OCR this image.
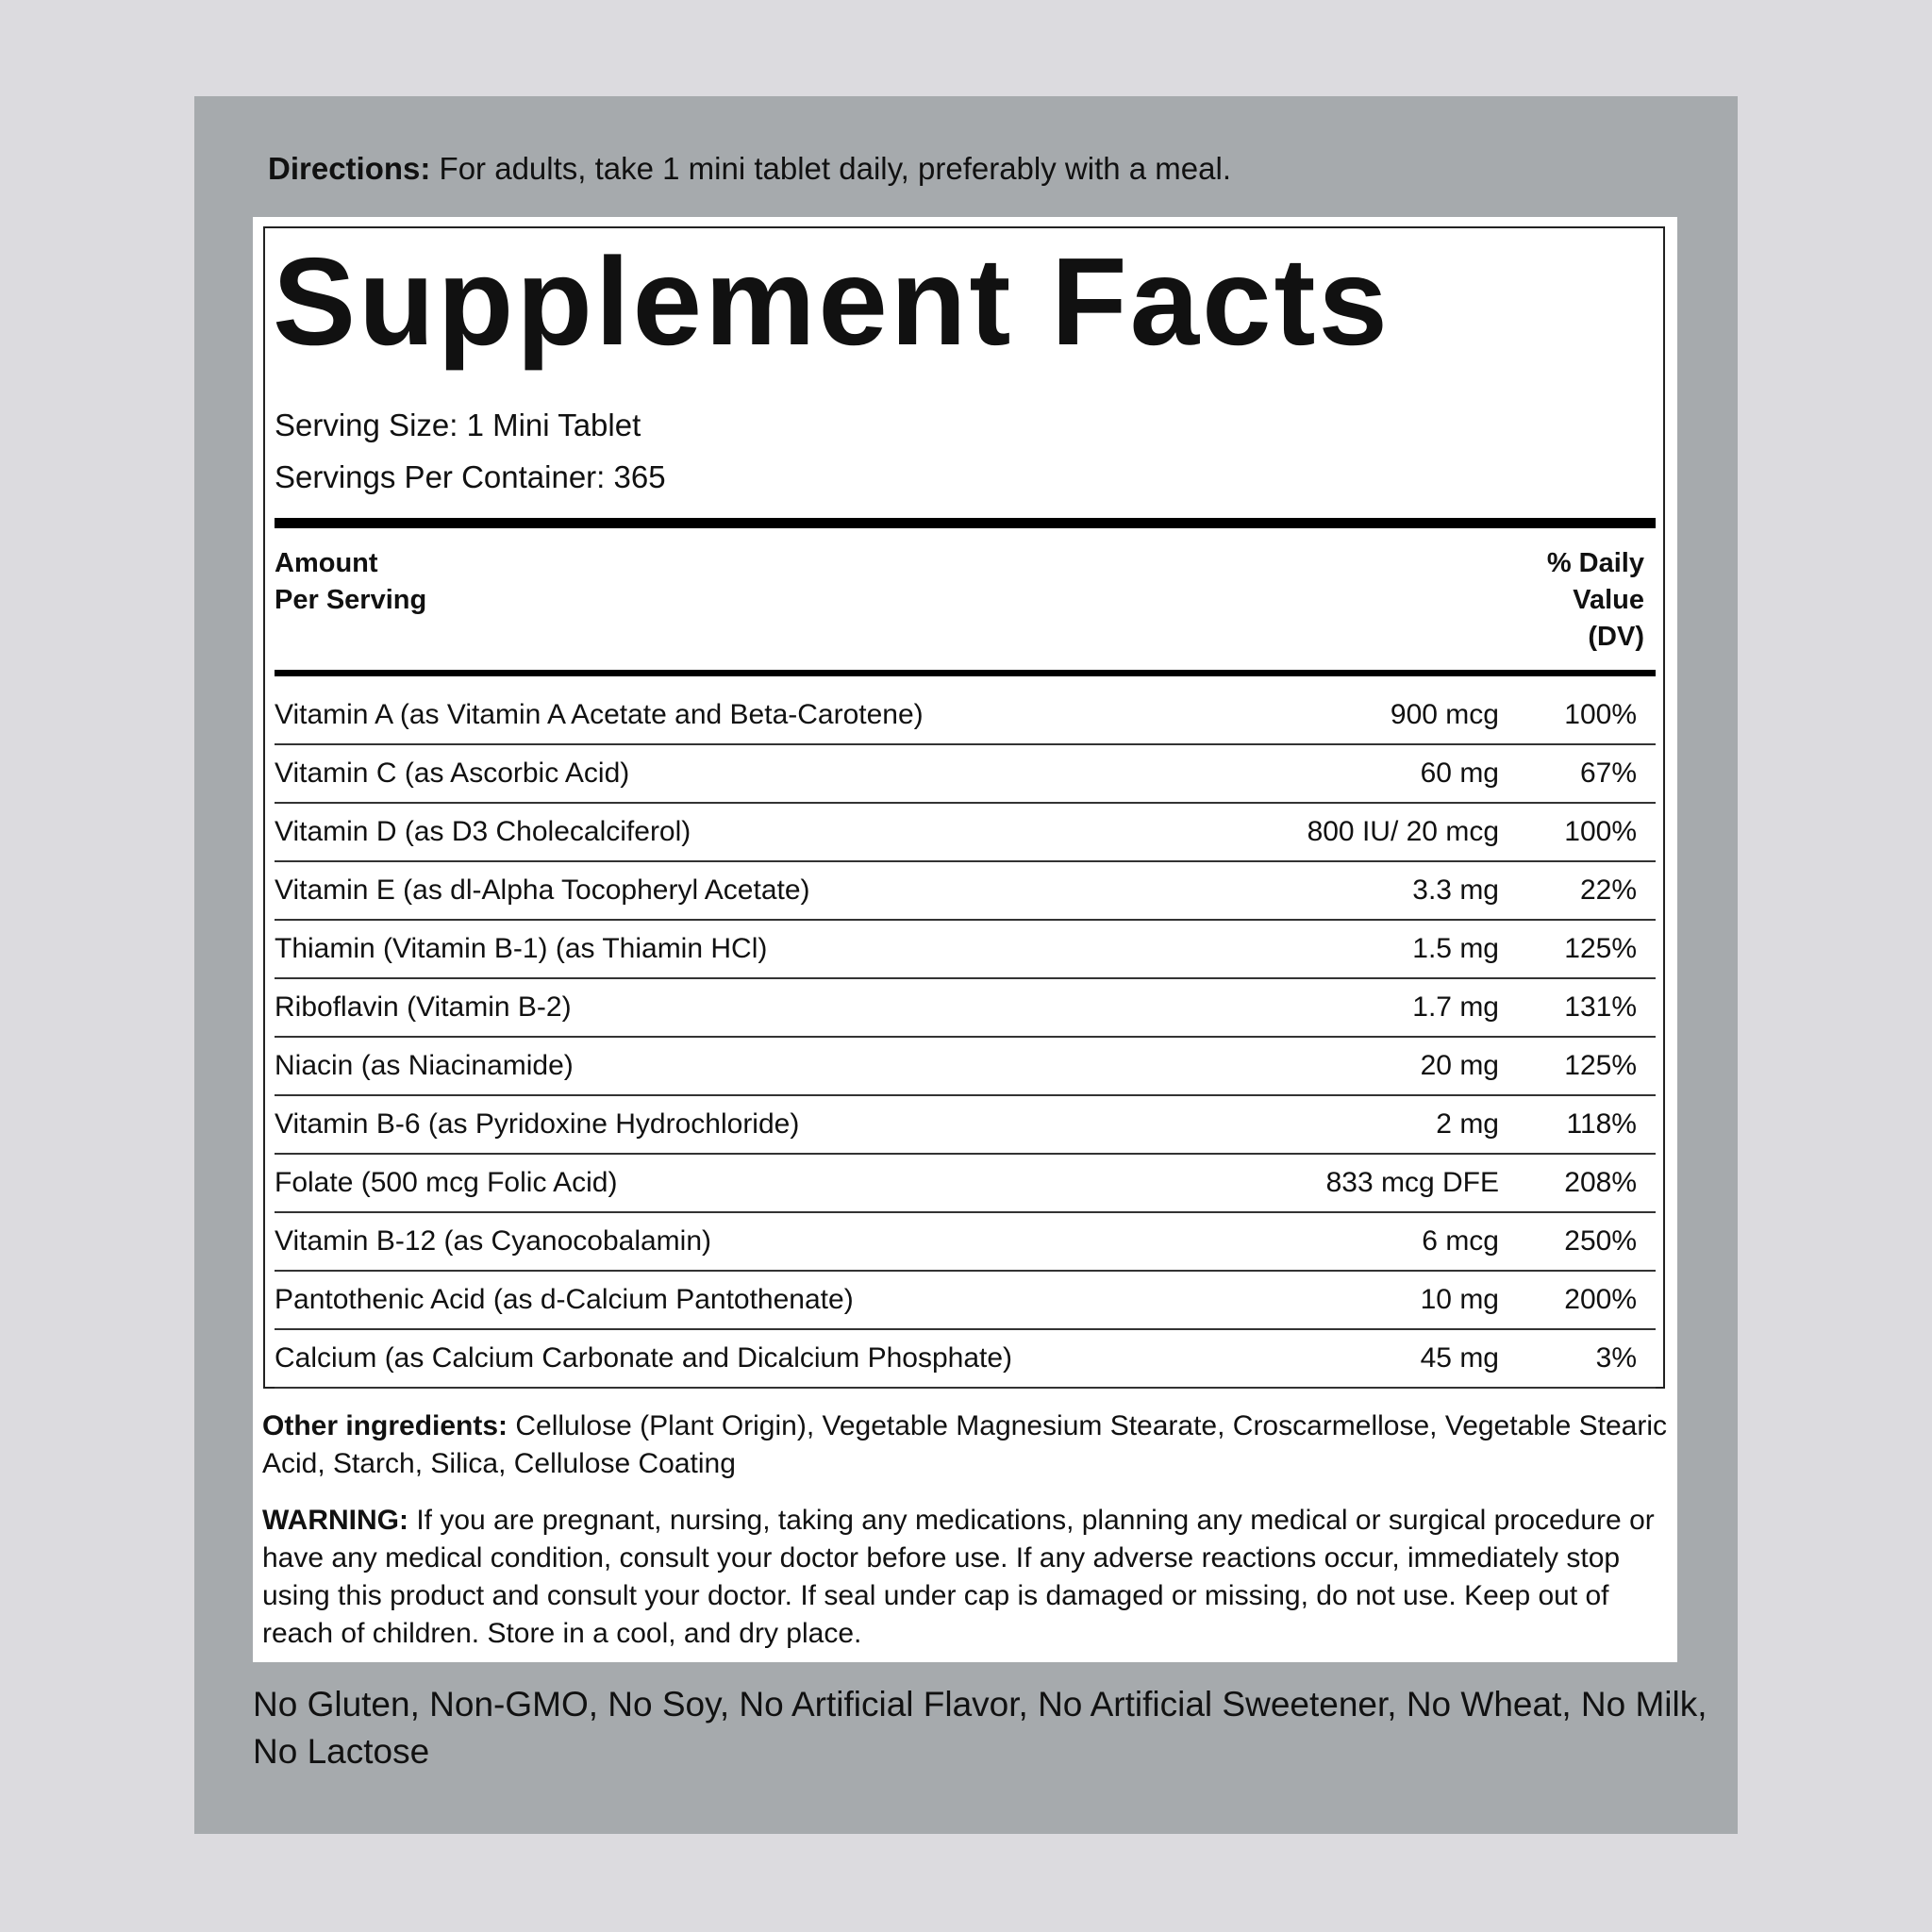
Directions: For adults, take 1 mini tablet daily, preferably with a meal.
Supplement Facts
Serving Size: 1 Mini Tablet
Servings Per Container: 365
Amount
Per Serving
% Daily
Value
(DV)
Vitamin A (as Vitamin A Acetate and Beta-Carotene)	900 mcg 100%
Vitamin C (as Ascorbic Acid)	60 mg	67%
Vitamin D (as D3 Cholecalciferol)	800 IU/ 20 mcg 100%
Vitamin E (as dl-Alpha Tocopheryl Acetate)	3.3 mg	22%
Thiamin (Vitamin B-1) (as Thiamin HCl)	1.5 mg 125%
Riboflavin (Vitamin B-2)	1.7 mg 131%
Niacin (as Niacinamide)	20 mg 125%
Vitamin B-6 (as Pyridoxine Hydrochloride)	2 mg 118%
Folate (500 mcg Folic Acid)	833 mcg DFE 208%
Vitamin B-12 (as Cyanocobalamin)	6 mcg 250%
Pantothenic Acid (as d-Calcium Pantothenate)	10 mg 200%
Calcium (as Calcium Carbonate and Dicalcium Phosphate)	45 mg	3%
Other ingredients: Cellulose (Plant Origin), Vegetable Magnesium Stearate, Croscarmellose, Vegetable Stearic Acid, Starch, Silica, Cellulose Coating
WARNING: If you are pregnant, nursing, taking any medications, planning any medical or surgical procedure or have any medical condition, consult your doctor before use. If any adverse reactions occur, immediately stop using this product and consult your doctor. If seal under cap is damaged or missing, do not use. Keep out of reach of children. Store in a cool, and dry place.
No Gluten, Non-GMO, No Soy, No Artificial Flavor, No Artificial Sweetener, No Wheat, No Milk, No Lactose
